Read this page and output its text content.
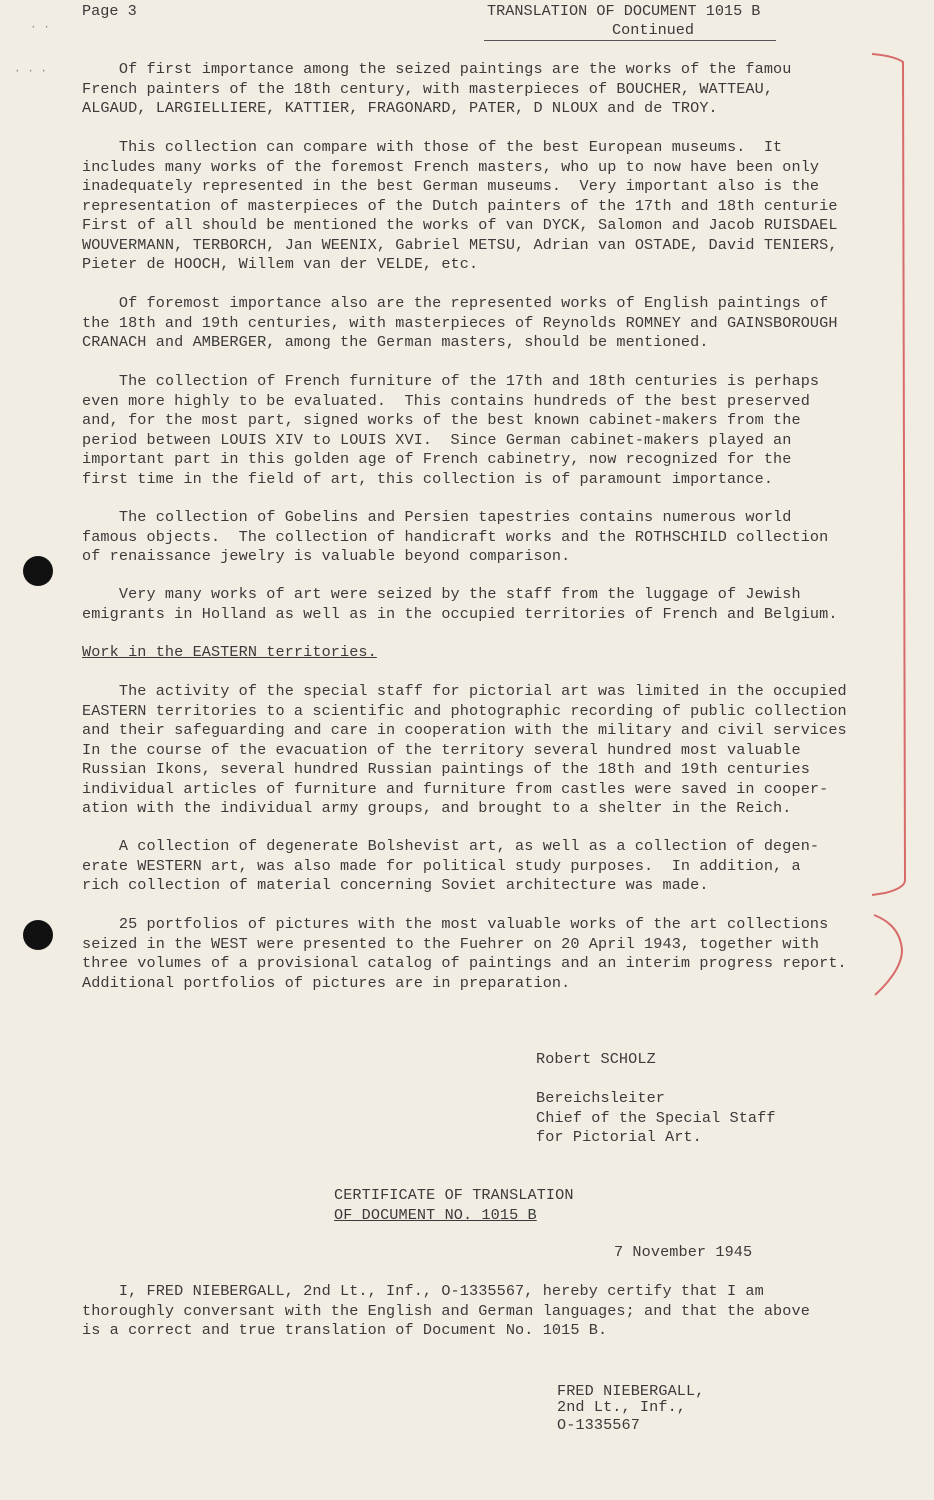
Page 3	TRANSLATION OF DOCUMENT 1015 B
Continued
· ·
· · · Of first importance among the seized paintings are the works of the famou
French painters of the 18th century, with masterpieces of BOUCHER, WATTEAU,
ALGAUD, LARGIELLIERE, KATTIER, FRAGONARD, PATER, D NLOUX and de TROY.
This collection can compare with those of the best European museums.  It
includes many works of the foremost French masters, who up to now have been only
inadequately represented in the best German museums.  Very important also is the
representation of masterpieces of the Dutch painters of the 17th and 18th centurie
First of all should be mentioned the works of van DYCK, Salomon and Jacob RUISDAEL
WOUVERMANN, TERBORCH, Jan WEENIX, Gabriel METSU, Adrian van OSTADE, David TENIERS,
Pieter de HOOCH, Willem van der VELDE, etc.
Of foremost importance also are the represented works of English paintings of
the 18th and 19th centuries, with masterpieces of Reynolds ROMNEY and GAINSBOROUGH
CRANACH and AMBERGER, among the German masters, should be mentioned.
The collection of French furniture of the 17th and 18th centuries is perhaps
even more highly to be evaluated.  This contains hundreds of the best preserved
and, for the most part, signed works of the best known cabinet-makers from the
period between LOUIS XIV to LOUIS XVI.  Since German cabinet-makers played an
important part in this golden age of French cabinetry, now recognized for the
first time in the field of art, this collection is of paramount importance.
The collection of Gobelins and Persien tapestries contains numerous world
famous objects.  The collection of handicraft works and the ROTHSCHILD collection
of renaissance jewelry is valuable beyond comparison.
Very many works of art were seized by the staff from the luggage of Jewish
emigrants in Holland as well as in the occupied territories of French and Belgium.
Work in the EASTERN territories.
The activity of the special staff for pictorial art was limited in the occupied
EASTERN territories to a scientific and photographic recording of public collection
and their safeguarding and care in cooperation with the military and civil services
In the course of the evacuation of the territory several hundred most valuable
Russian Ikons, several hundred Russian paintings of the 18th and 19th centuries
individual articles of furniture and furniture from castles were saved in cooper-
ation with the individual army groups, and brought to a shelter in the Reich.
A collection of degenerate Bolshevist art, as well as a collection of degen-
erate WESTERN art, was also made for political study purposes.  In addition, a
rich collection of material concerning Soviet architecture was made.
25 portfolios of pictures with the most valuable works of the art collections
seized in the WEST were presented to the Fuehrer on 20 April 1943, together with
three volumes of a provisional catalog of paintings and an interim progress report.
Additional portfolios of pictures are in preparation.
Robert SCHOLZ
Bereichsleiter
Chief of the Special Staff
for Pictorial Art.
CERTIFICATE OF TRANSLATION
OF DOCUMENT NO. 1015 B
7 November 1945
I, FRED NIEBERGALL, 2nd Lt., Inf., O-1335567, hereby certify that I am
thoroughly conversant with the English and German languages; and that the above
is a correct and true translation of Document No. 1015 B.
FRED NIEBERGALL,
2nd Lt., Inf.,
O-1335567
